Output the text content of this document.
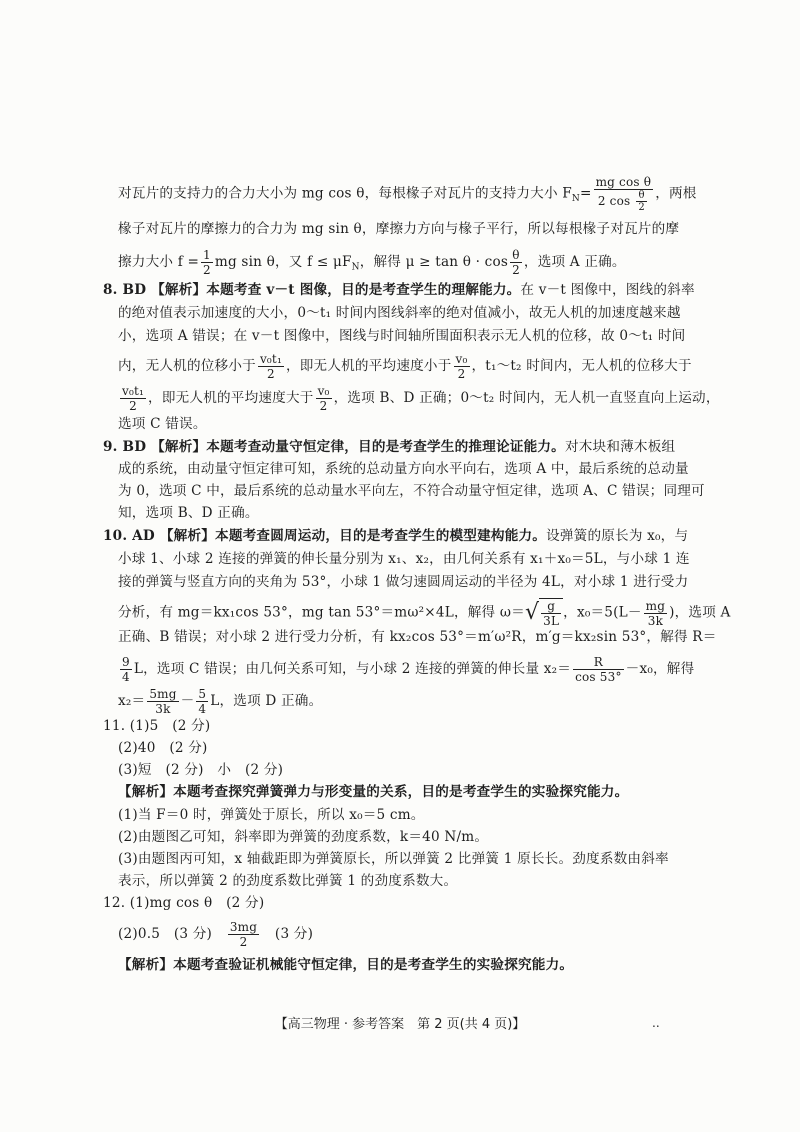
对瓦片的支持力的合力大小为 mg cos θ，每根椽子对瓦片的支持力大小 $F_N= \frac{\text{mg cos θ}}{2 \cos \frac{\theta}{2}}$ ，两根
椽子对瓦片的摩擦力的合力为 mg sin θ，摩擦力方向与椽子平行，所以每根椽子对瓦片的摩
擦力大小 $f = \frac{1}{2}$ mg sin θ，又 $f \le \mu F_N$，解得 $\mu \ge \tan \theta \cdot \cos \frac{\theta}{2}$ ，选项 A 正确。
8. BD 【解析】本题考查 v－t 图像，目的是考查学生的理解能力。在 v－t 图像中，图线的斜率
的绝对值表示加速度的大小，0～t₁ 时间内图线斜率的绝对值减小，故无人机的加速度越来越
小，选项 A 错误；在 v－t 图像中，图线与时间轴所围面积表示无人机的位移，故 0～t₁ 时间
内，无人机的位移小于 $\frac{\text{v₀t₁}}{2}$ ，即无人机的平均速度小于 $\frac{\text{v₀}}{2}$ ，t₁～t₂ 时间内，无人机的位移大于
$\frac{\text{v₀t₁}}{2}$ ，即无人机的平均速度大于 $\frac{\text{v₀}}{2}$ ，选项 B、D 正确；0～t₂ 时间内，无人机一直竖直向上运动，
选项 C 错误。
9. BD 【解析】本题考查动量守恒定律，目的是考查学生的推理论证能力。对木块和薄木板组
成的系统，由动量守恒定律可知，系统的总动量方向水平向右，选项 A 中，最后系统的总动量
为 0，选项 C 中，最后系统的总动量水平向左，不符合动量守恒定律，选项 A、C 错误；同理可
知，选项 B、D 正确。
10. AD 【解析】本题考查圆周运动，目的是考查学生的模型建构能力。设弹簧的原长为 x₀，与
小球 1、小球 2 连接的弹簧的伸长量分别为 x₁、x₂，由几何关系有 x₁＋x₀＝5L，与小球 1 连
接的弹簧与竖直方向的夹角为 53°，小球 1 做匀速圆周运动的半径为 4L，对小球 1 进行受力
分析，有 mg＝kx₁cos 53°，mg tan 53°＝mω²×4L，解得 $\omega=√ \frac{g}{3L}$ ，$x_0=5(L- \frac{mg}{3k}$ )，选项 A
正确、B 错误；对小球 2 进行受力分析，有 kx₂cos 53°＝m′ω²R，m′g＝kx₂sin 53°，解得 R＝
$\frac{9}{4}$ L，选项 C 错误；由几何关系可知，与小球 2 连接的弹簧的伸长量 $x_2= \frac{R}{\cos 53^\circ} -x_0$，解得
$x_2= \frac{5mg}{3k} - \frac{5}{4}$ L，选项 D 正确。
11. (1)5　(2 分)
(2)40　(2 分)
(3)短　(2 分)　小　(2 分)
【解析】本题考查探究弹簧弹力与形变量的关系，目的是考查学生的实验探究能力。
(1)当 F＝0 时，弹簧处于原长，所以 x₀＝5 cm。
(2)由题图乙可知，斜率即为弹簧的劲度系数，k＝40 N/m。
(3)由题图丙可知，x 轴截距即为弹簧原长，所以弹簧 2 比弹簧 1 原长长。劲度系数由斜率
表示，所以弹簧 2 的劲度系数比弹簧 1 的劲度系数大。
12. (1)mg cos θ　(2 分)
(2)0.5　(3 分)　 $\frac{3mg}{2}$ 　(3 分)
【解析】本题考查验证机械能守恒定律，目的是考查学生的实验探究能力。
【高三物理 · 参考答案　第 2 页(共 4 页)】	..
